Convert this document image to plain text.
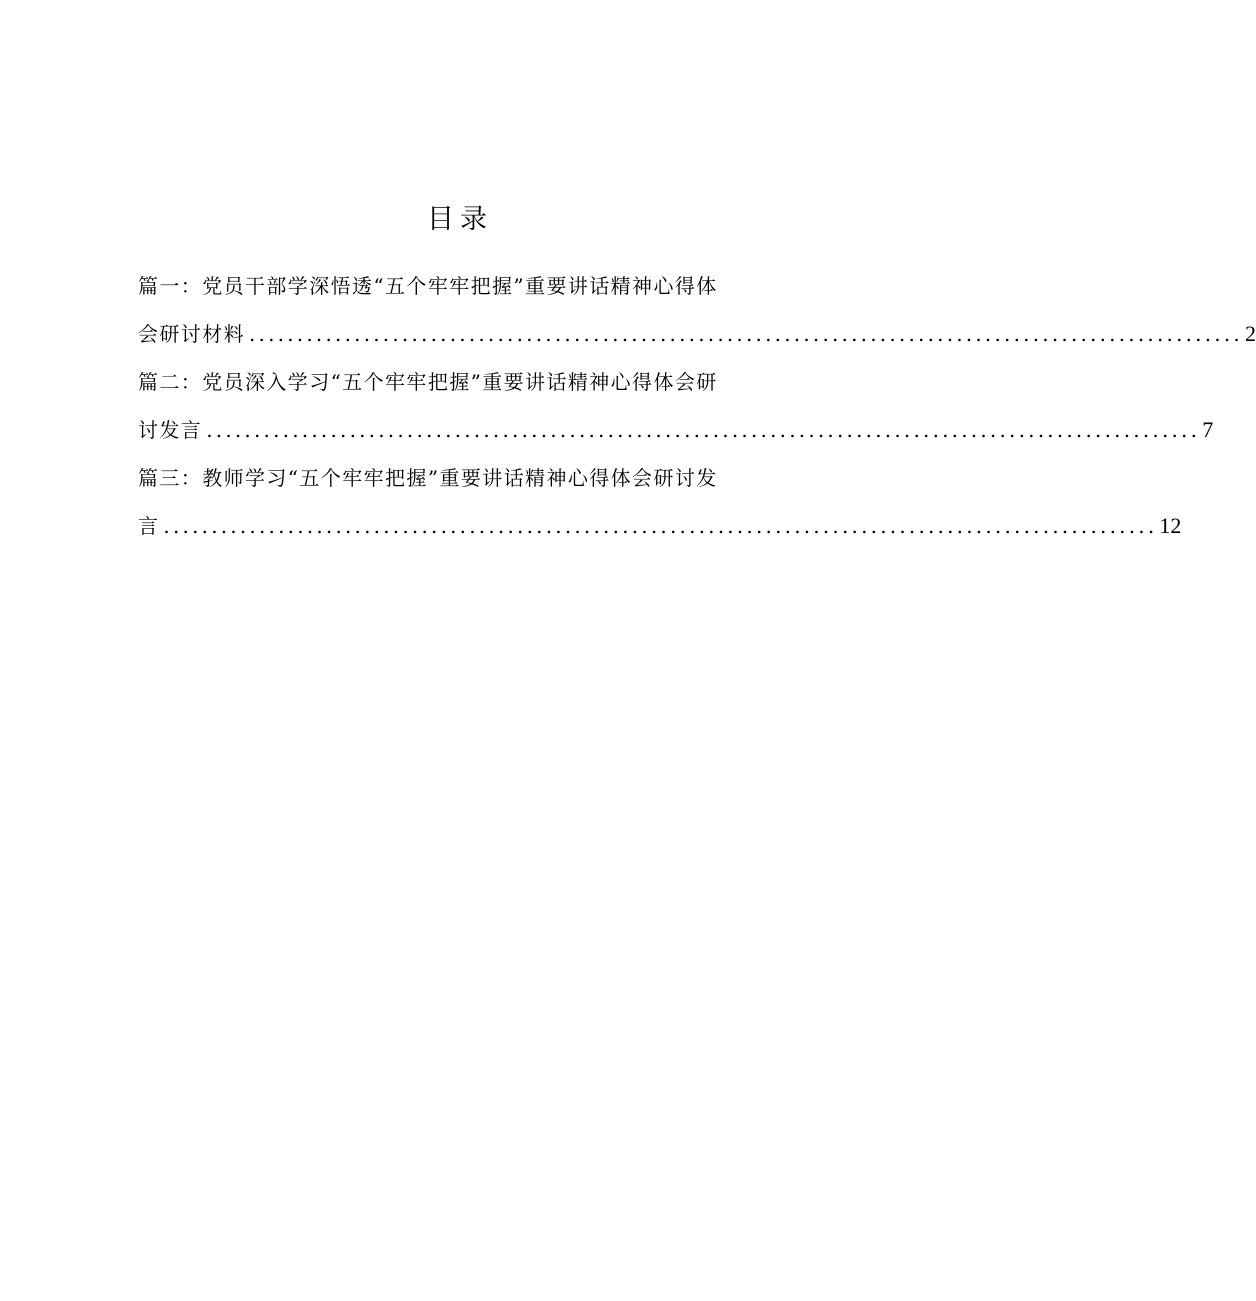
目录
篇一：党员干部学深悟透“五个牢牢把握”重要讲话精神心得体
会研讨材料 ........................................................................................................ 2
篇二：党员深入学习“五个牢牢把握”重要讲话精神心得体会研
讨发言 ........................................................................................................ 7
篇三：教师学习“五个牢牢把握”重要讲话精神心得体会研讨发
言 ........................................................................................................ 12
